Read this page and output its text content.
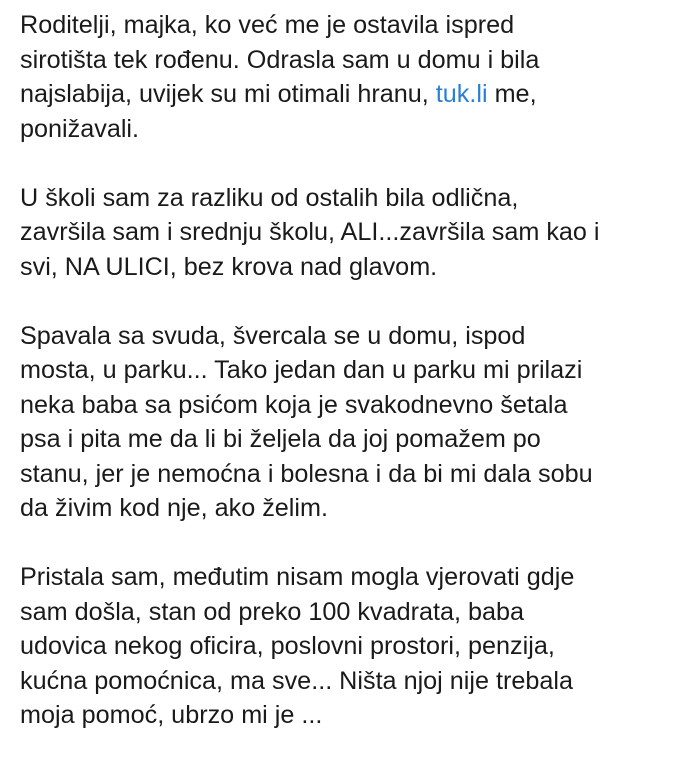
Roditelji, majka, ko već me je ostavila ispred
sirotišta tek rođenu. Odrasla sam u domu i bila
najslabija, uvijek su mi otimali hranu, tuk.li me,
ponižavali.
U školi sam za razliku od ostalih bila odlična,
završila sam i srednju školu, ALI...završila sam kao i
svi, NA ULICI, bez krova nad glavom.
Spavala sa svuda, švercala se u domu, ispod
mosta, u parku... Tako jedan dan u parku mi prilazi
neka baba sa psićom koja je svakodnevno šetala
psa i pita me da li bi željela da joj pomažem po
stanu, jer je nemoćna i bolesna i da bi mi dala sobu
da živim kod nje, ako želim.
Pristala sam, međutim nisam mogla vjerovati gdje
sam došla, stan od preko 100 kvadrata, baba
udovica nekog oficira, poslovni prostori, penzija,
kućna pomoćnica, ma sve... Ništa njoj nije trebala
moja pomoć, ubrzo mi je ...
